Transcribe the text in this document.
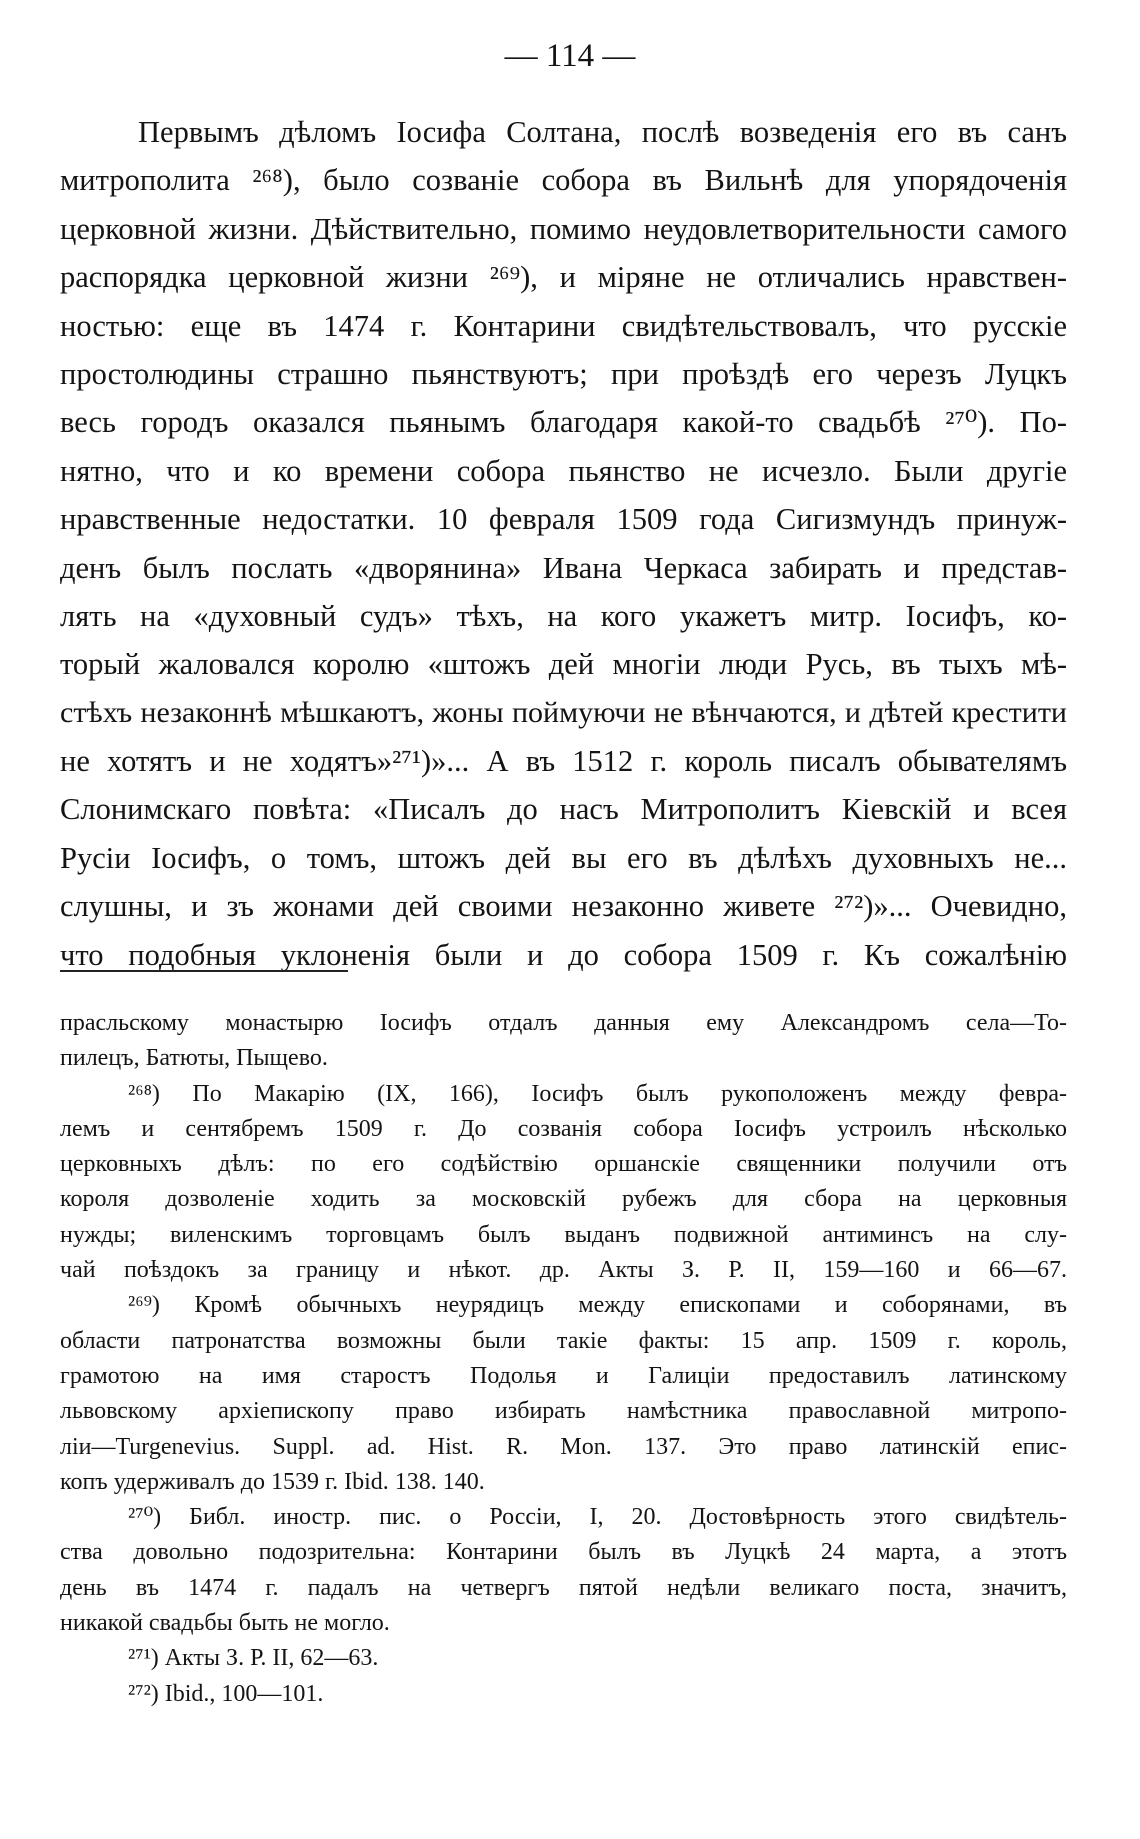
— 114 —
Первымъ дѣломъ Іосифа Солтана, послѣ возведенія его въ санъ
митрополита ²⁶⁸), было созваніе собора въ Вильнѣ для упорядоченія
церковной жизни. Дѣйствительно, помимо неудовлетворительности самого
распорядка церковной жизни ²⁶⁹), и міряне не отличались нравствен-
ностью: еще въ 1474 г. Контарини свидѣтельствовалъ, что русскіе
простолюдины страшно пьянствуютъ; при проѣздѣ его черезъ Луцкъ
весь городъ оказался пьянымъ благодаря какой-то свадьбѣ ²⁷⁰). По-
нятно, что и ко времени собора пьянство не исчезло. Были другіе
нравственные недостатки. 10 февраля 1509 года Сигизмундъ принуж-
денъ былъ послать «дворянина» Ивана Черкаса забирать и представ-
лять на «духовный судъ» тѣхъ, на кого укажетъ митр. Іосифъ, ко-
торый жаловался королю «штожъ дей многіи люди Русь, въ тыхъ мѣ-
стѣхъ незаконнѣ мѣшкаютъ, жоны поймуючи не вѣнчаются, и дѣтей крестити
не хотятъ и не ходятъ»²⁷¹)»... А въ 1512 г. король писалъ обывателямъ
Слонимскаго повѣта: «Писалъ до насъ Митрополитъ Кіевскій и всея
Русіи Іосифъ, о томъ, штожъ дей вы его въ дѣлѣхъ духовныхъ не...
слушны, и зъ жонами дей своими незаконно живете ²⁷²)»... Очевидно,
что подобныя уклоненія были и до собора 1509 г. Къ сожалѣнію
прасльскому монастырю Іосифъ отдалъ данныя ему Александромъ села—То-
пилецъ, Батюты, Пыщево.
²⁶⁸) По Макарію (IX, 166), Іосифъ былъ рукоположенъ между февра-
лемъ и сентябремъ 1509 г. До созванія собора Іосифъ устроилъ нѣсколько
церковныхъ дѣлъ: по его содѣйствію оршанскіе священники получили отъ
короля дозволеніе ходить за московскій рубежъ для сбора на церковныя
нужды; виленскимъ торговцамъ былъ выданъ подвижной антиминсъ на слу-
чай поѣздокъ за границу и нѣкот. др. Акты З. Р. II, 159—160 и 66—67.
²⁶⁹) Кромѣ обычныхъ неурядицъ между епископами и соборянами, въ
области патронатства возможны были такіе факты: 15 апр. 1509 г. король,
грамотою на имя старостъ Подолья и Галиціи предоставилъ латинскому
львовскому архіепископу право избирать намѣстника православной митропо-
ліи—Turgenevius. Suppl. ad. Hist. R. Mon. 137. Это право латинскій епис-
копъ удерживалъ до 1539 г. Ibid. 138. 140.
²⁷⁰) Библ. иностр. пис. о Россіи, I, 20. Достовѣрность этого свидѣтель-
ства довольно подозрительна: Контарини былъ въ Луцкѣ 24 марта, а этотъ
день въ 1474 г. падалъ на четвергъ пятой недѣли великаго поста, значитъ,
никакой свадьбы быть не могло.
²⁷¹) Акты З. Р. II, 62—63.
²⁷²) Ibid., 100—101.
